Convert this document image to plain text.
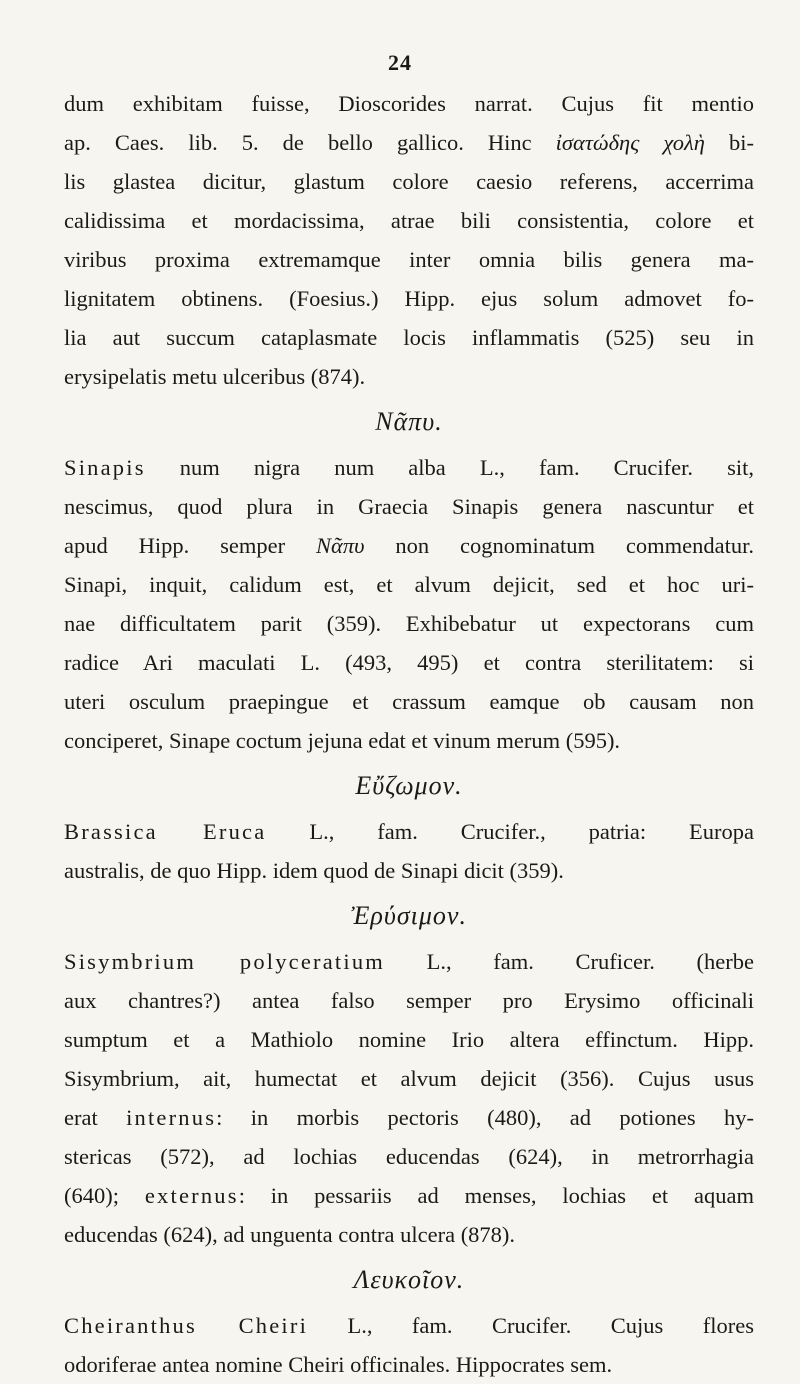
24
dum exhibitam fuisse, Dioscorides narrat. Cujus fit mentio
ap. Caes. lib. 5. de bello gallico. Hinc ἰσατώδης χολὴ bi-
lis glastea dicitur, glastum colore caesio referens, accerrima
calidissima et mordacissima, atrae bili consistentia, colore et
viribus proxima extremamque inter omnia bilis genera ma-
lignitatem obtinens. (Foesius.) Hipp. ejus solum admovet fo-
lia aut succum cataplasmate locis inflammatis (525) seu in
erysipelatis metu ulceribus (874).
Νᾶπυ.
Sinapis num nigra num alba L., fam. Crucifer. sit,
nescimus, quod plura in Graecia Sinapis genera nascuntur et
apud Hipp. semper Νᾶπυ non cognominatum commendatur.
Sinapi, inquit, calidum est, et alvum dejicit, sed et hoc uri-
nae difficultatem parit (359). Exhibebatur ut expectorans cum
radice Ari maculati L. (493, 495) et contra sterilitatem: si
uteri osculum praepingue et crassum eamque ob causam non
conciperet, Sinape coctum jejuna edat et vinum merum (595).
Εὔζωμον.
Brassica Eruca L., fam. Crucifer., patria: Europa
australis, de quo Hipp. idem quod de Sinapi dicit (359).
Ἐρύσιμον.
Sisymbrium polyceratium L., fam. Cruficer. (herbe
aux chantres?) antea falso semper pro Erysimo officinali
sumptum et a Mathiolo nomine Irio altera effinctum. Hipp.
Sisymbrium, ait, humectat et alvum dejicit (356). Cujus usus
erat internus: in morbis pectoris (480), ad potiones hy-
stericas (572), ad lochias educendas (624), in metrorrhagia
(640); externus: in pessariis ad menses, lochias et aquam
educendas (624), ad unguenta contra ulcera (878).
Λευκοῖον.
Cheiranthus Cheiri L., fam. Crucifer. Cujus flores
odoriferae antea nomine Cheiri officinales. Hippocrates sem.
